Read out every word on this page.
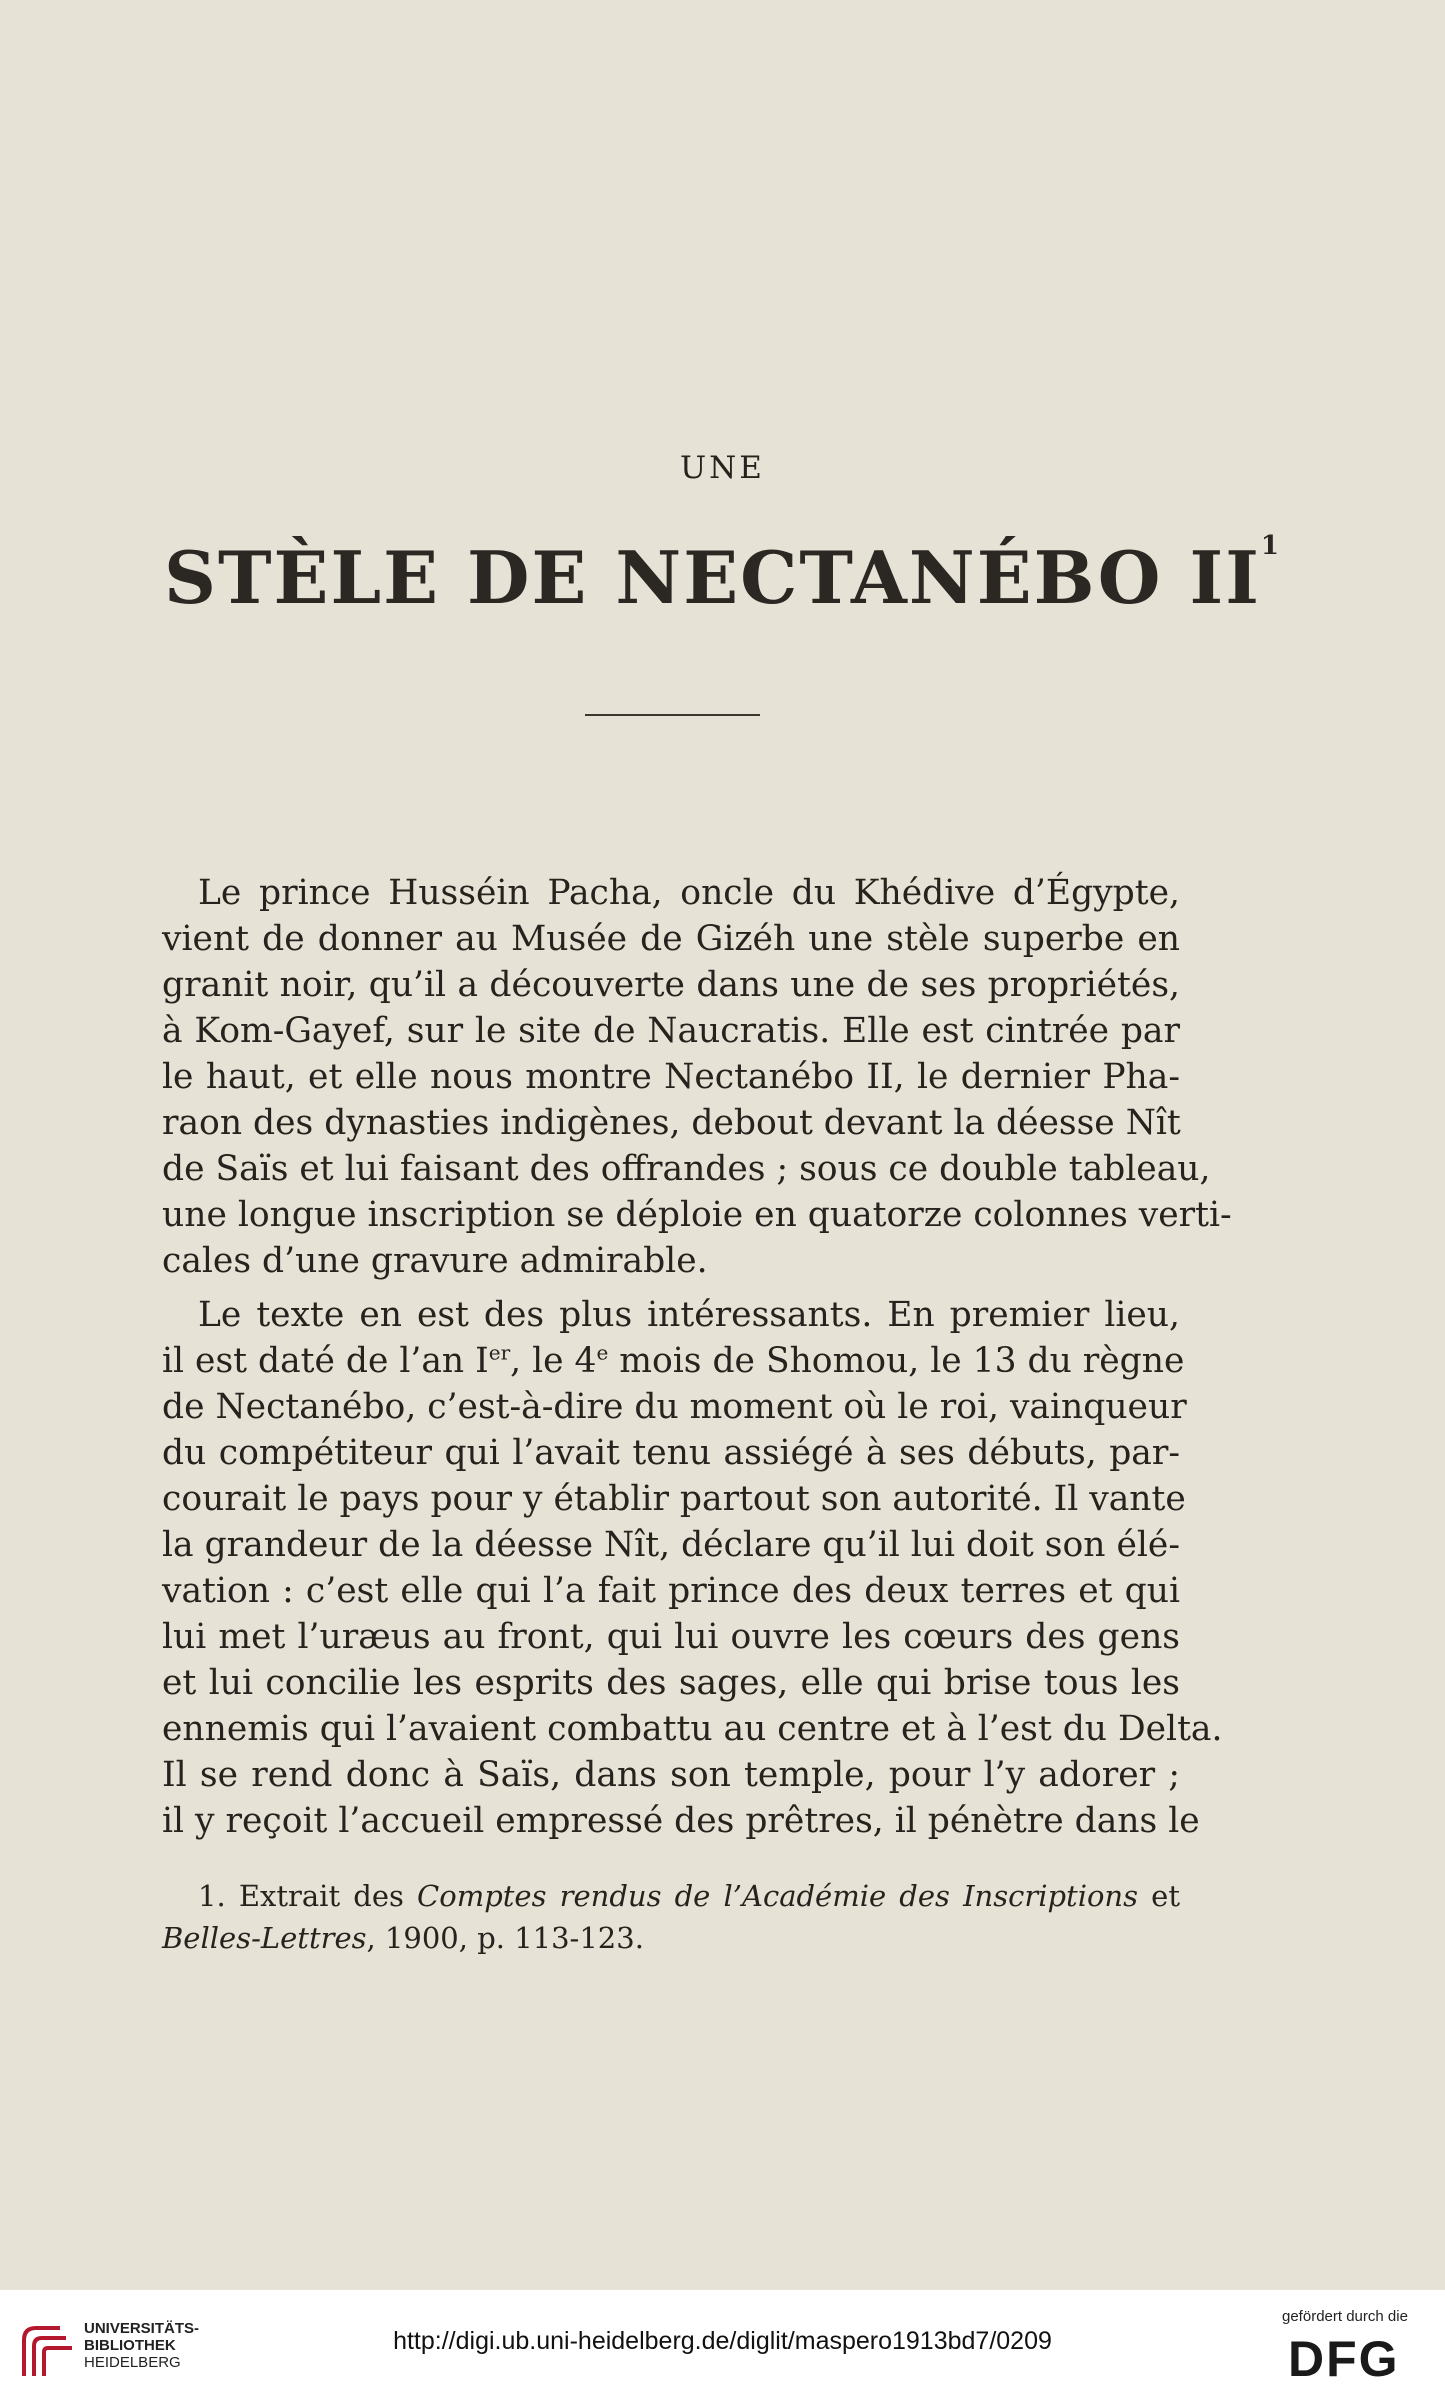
UNE

STÈLE DE NECTANÉBO $II^1$

Le prince Husséin Pacha, oncle du Khédive d’Égypte,

vient de donner au Musée de Gizéh une stèle superbe en

granit noir, qu’il a découverte dans une de ses propriétés,

à Kom-Gayef, sur le site de Naucratis. Elle est cintrée par

le haut, et elle nous montre Nectanébo II, le dernier Pha-

raon des dynasties indigènes, debout devant la déesse Nît

de Saïs et lui faisant des offrandes ; sous ce double tableau,

une longue inscription se déploie en quatorze colonnes verti-

cales d’une gravure admirable.

Le texte en est des plus intéressants. En premier lieu,

il est daté de l’an Ier, le 4e mois de Shomou, le 13 du règne

de Nectanébo, c’est-à-dire du moment où le roi, vainqueur

du compétiteur qui l’avait tenu assiégé à ses débuts, par-

courait le pays pour y établir partout son autorité. Il vante

la grandeur de la déesse Nît, déclare qu’il lui doit son élé-

vation : c’est elle qui l’a fait prince des deux terres et qui

lui met l’uræus au front, qui lui ouvre les cœurs des gens

et lui concilie les esprits des sages, elle qui brise tous les

ennemis qui l’avaient combattu au centre et à l’est du Delta.

Il se rend donc à Saïs, dans son temple, pour l’y adorer ;

il y reçoit l’accueil empressé des prêtres, il pénètre dans le

1. Extrait des Comptes rendus de l’Académie des Inscriptions et

Belles-Lettres, 1900, p. 113-123.

UNIVERSITÄTS-
BIBLIOTHEK
HEIDELBERG
http://digi.ub.uni-heidelberg.de/diglit/maspero1913bd7/0209
gefördert durch die
DFG
